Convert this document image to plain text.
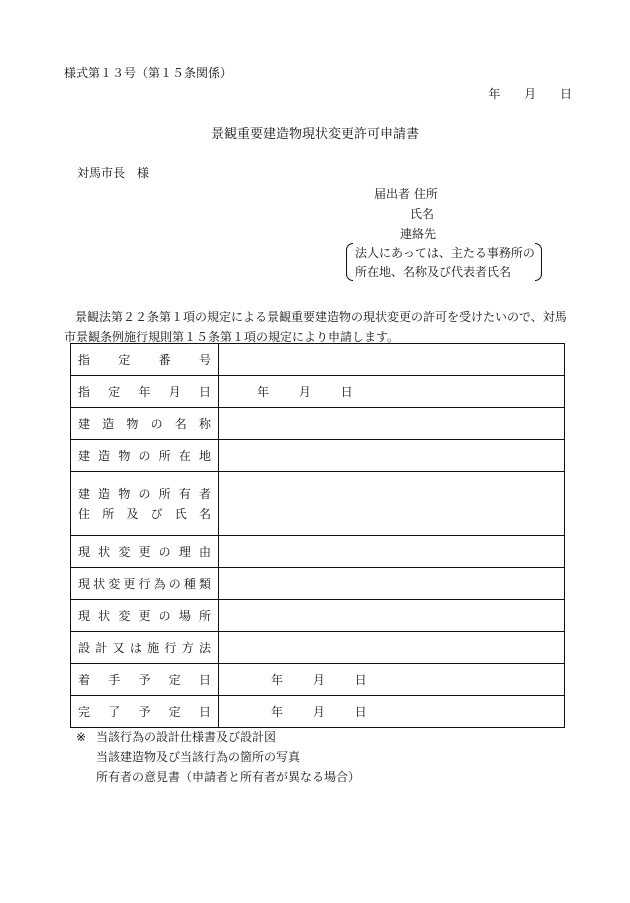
様式第１３号（第１５条関係）
年 月 日
景観重要建造物現状変更許可申請書
対馬市長　様
届出者 住所
氏名
連絡先
法人にあっては、主たる事務所の
所在地、名称及び代表者氏名
景観法第２２条第１項の規定による景観重要建造物の現状変更の許可を受けたいので、対馬市景観条例施行規則第１５条第１項の規定により申請します。
指定番号	

指定年月日	年 月 日

建造物の名称	

建造物の所在地	

建造物の所有者
住所及び氏名	

現状変更の理由	

現状変更行為の種類	

現状変更の場所	

設計又は施行方法	

着手予定日	年 月 日

完了予定日	年 月 日
※ 当該行為の設計仕様書及び設計図
当該建造物及び当該行為の箇所の写真
所有者の意見書（申請者と所有者が異なる場合）
